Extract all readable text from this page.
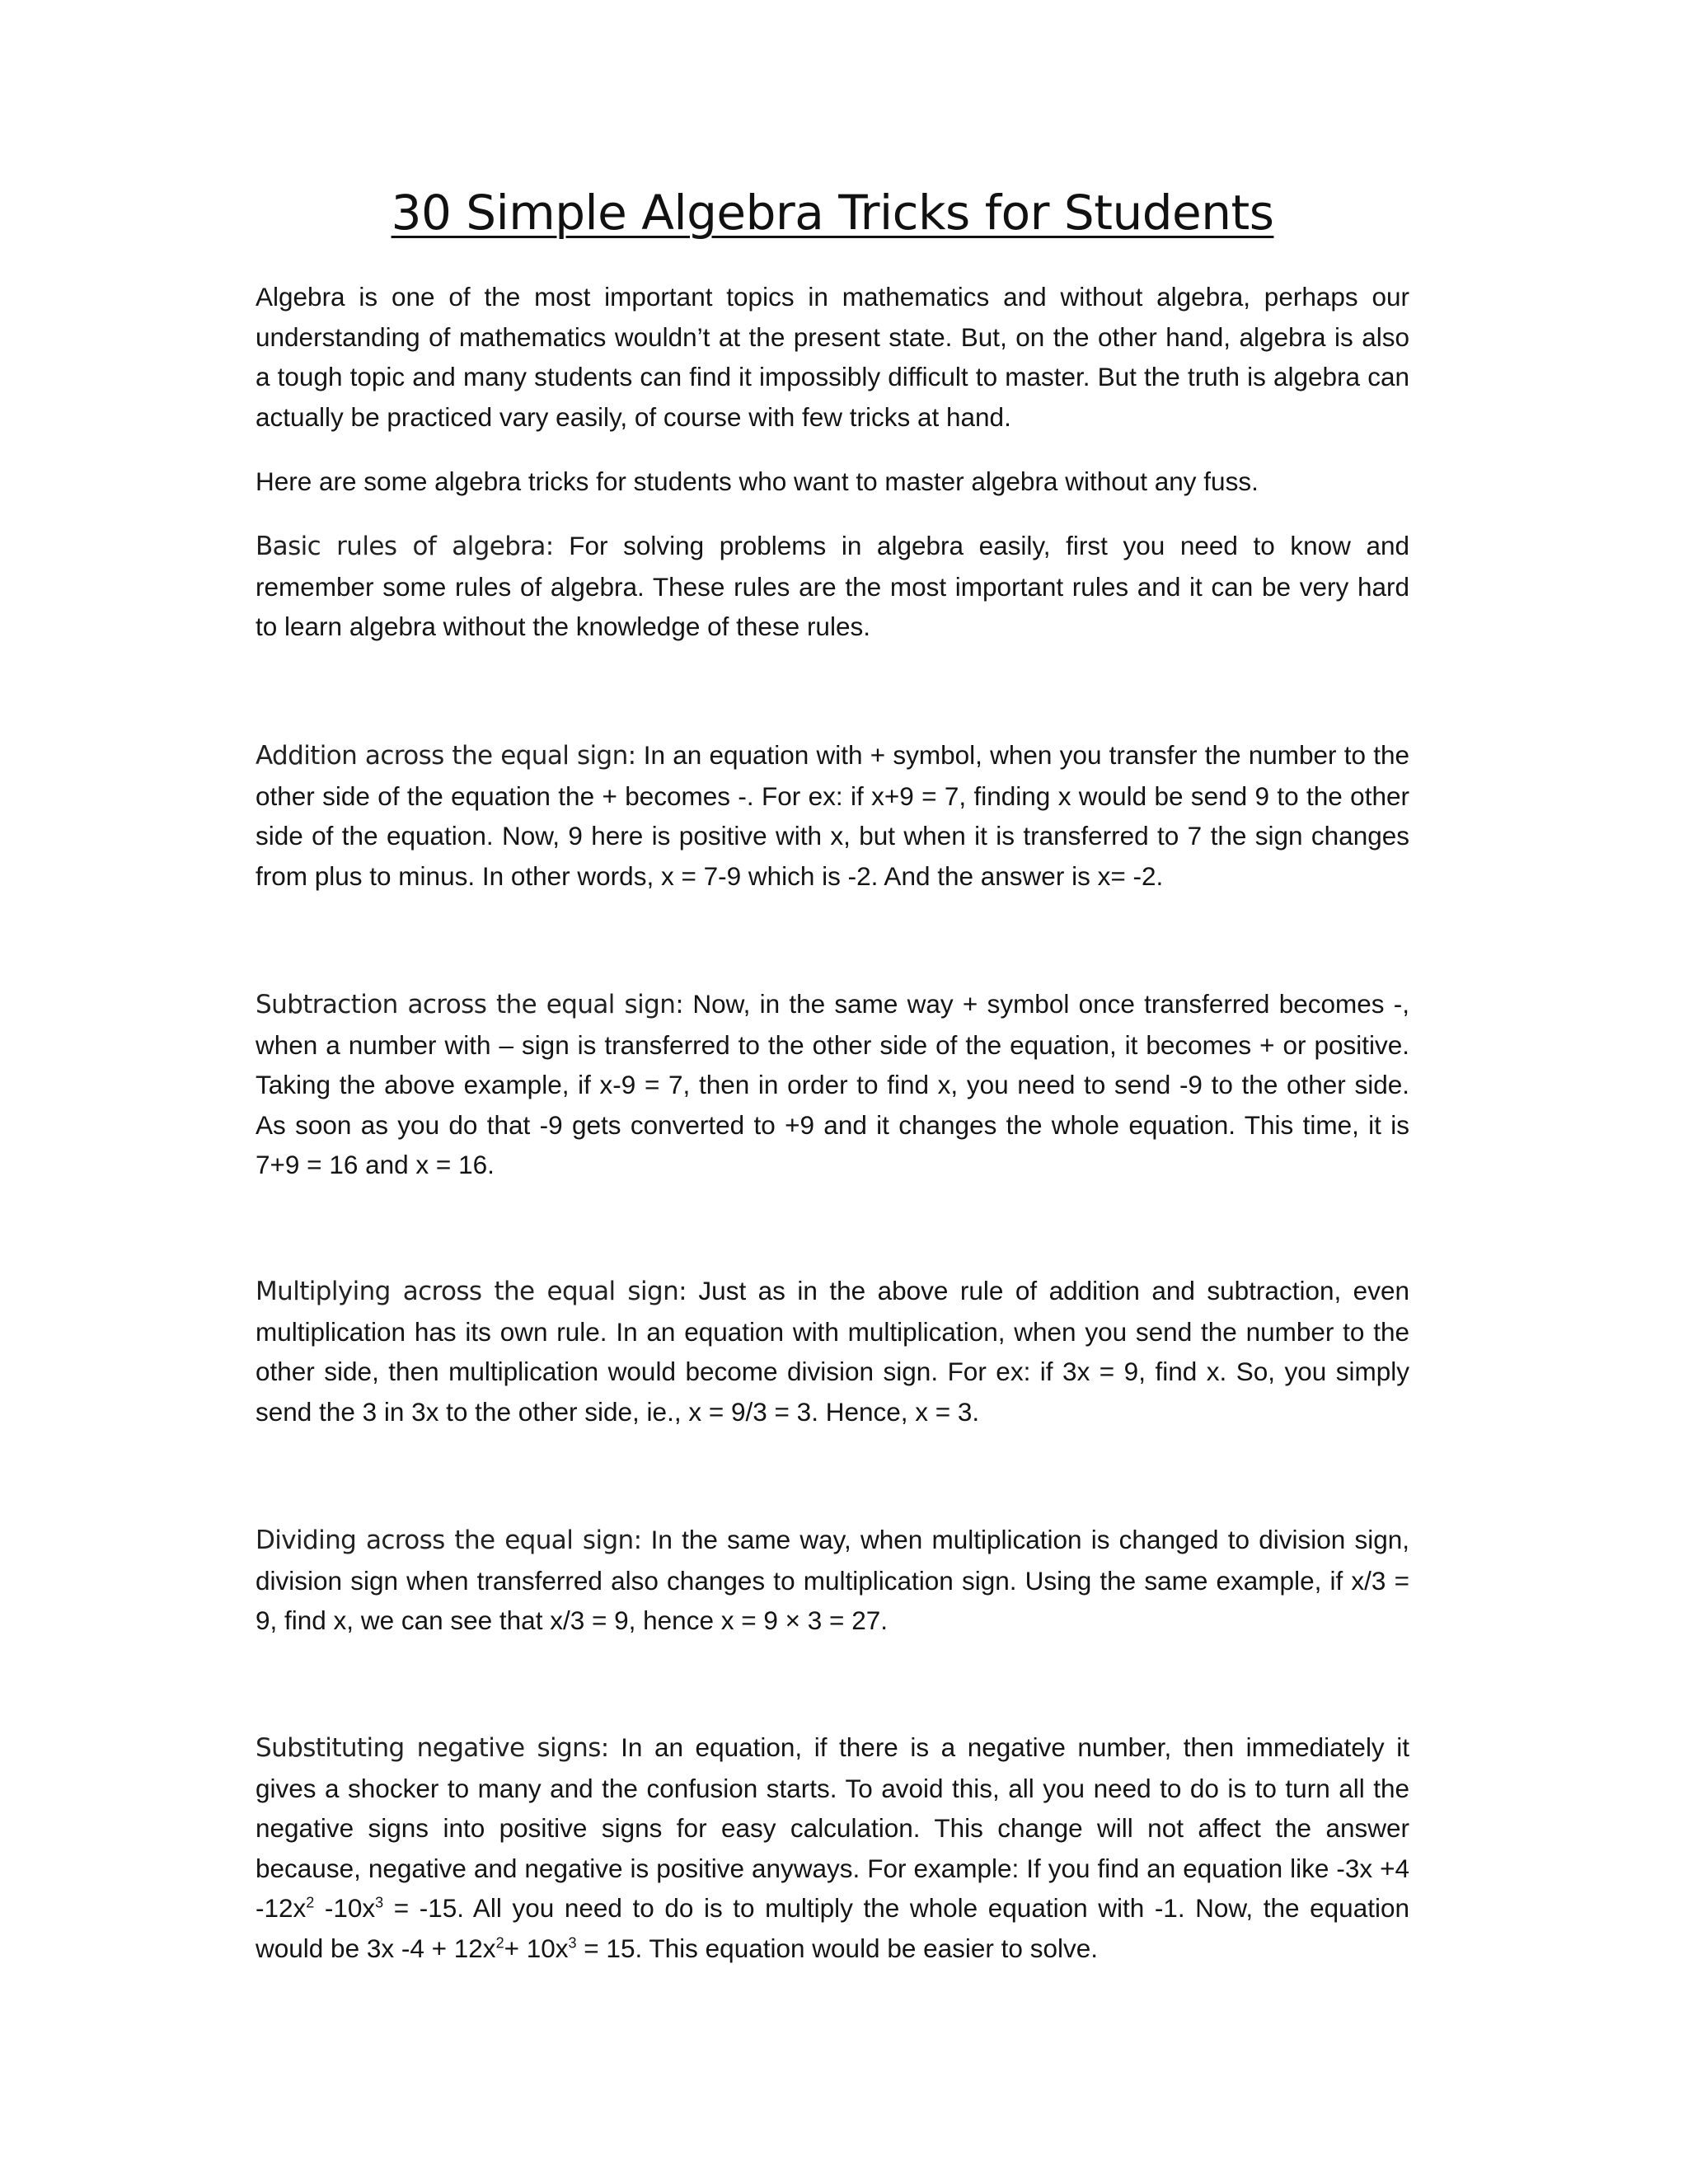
30 Simple Algebra Tricks for Students

Algebra is one of the most important topics in mathematics and without algebra, perhaps our understanding of mathematics wouldn’t at the present state. But, on the other hand, algebra is also a tough topic and many students can find it impossibly difficult to master. But the truth is algebra can actually be practiced vary easily, of course with few tricks at hand.

Here are some algebra tricks for students who want to master algebra without any fuss.

Basic rules of algebra: For solving problems in algebra easily, first you need to know and remember some rules of algebra. These rules are the most important rules and it can be very hard to learn algebra without the knowledge of these rules.

Addition across the equal sign: In an equation with + symbol, when you transfer the number to the other side of the equation the + becomes -. For ex: if x+9 = 7, finding x would be send 9 to the other side of the equation. Now, 9 here is positive with x, but when it is transferred to 7 the sign changes from plus to minus. In other words, x = 7-9 which is -2. And the answer is x= -2.

Subtraction across the equal sign: Now, in the same way + symbol once transferred becomes -, when a number with – sign is transferred to the other side of the equation, it becomes + or positive. Taking the above example, if x-9 = 7, then in order to find x, you need to send -9 to the other side. As soon as you do that -9 gets converted to +9 and it changes the whole equation. This time, it is 7+9 = 16 and x = 16.

Multiplying across the equal sign: Just as in the above rule of addition and subtraction, even multiplication has its own rule. In an equation with multiplication, when you send the number to the other side, then multiplication would become division sign. For ex: if 3x = 9, find x. So, you simply send the 3 in 3x to the other side, ie., x = 9/3 = 3. Hence, x = 3.

Dividing across the equal sign: In the same way, when multiplication is changed to division sign, division sign when transferred also changes to multiplication sign. Using the same example, if x/3 = 9, find x, we can see that x/3 = 9, hence x = 9 × 3 = 27.

Substituting negative signs: In an equation, if there is a negative number, then immediately it gives a shocker to many and the confusion starts. To avoid this, all you need to do is to turn all the negative signs into positive signs for easy calculation. This change will not affect the answer because, negative and negative is positive anyways. For example: If you find an equation like -3x +4 $-12x^2$ $-10x^3 = -15$. All you need to do is to multiply the whole equation with -1. Now, the equation would be 3x $-4 + 12x^2+ 10x^3 = 15$. This equation would be easier to solve.
